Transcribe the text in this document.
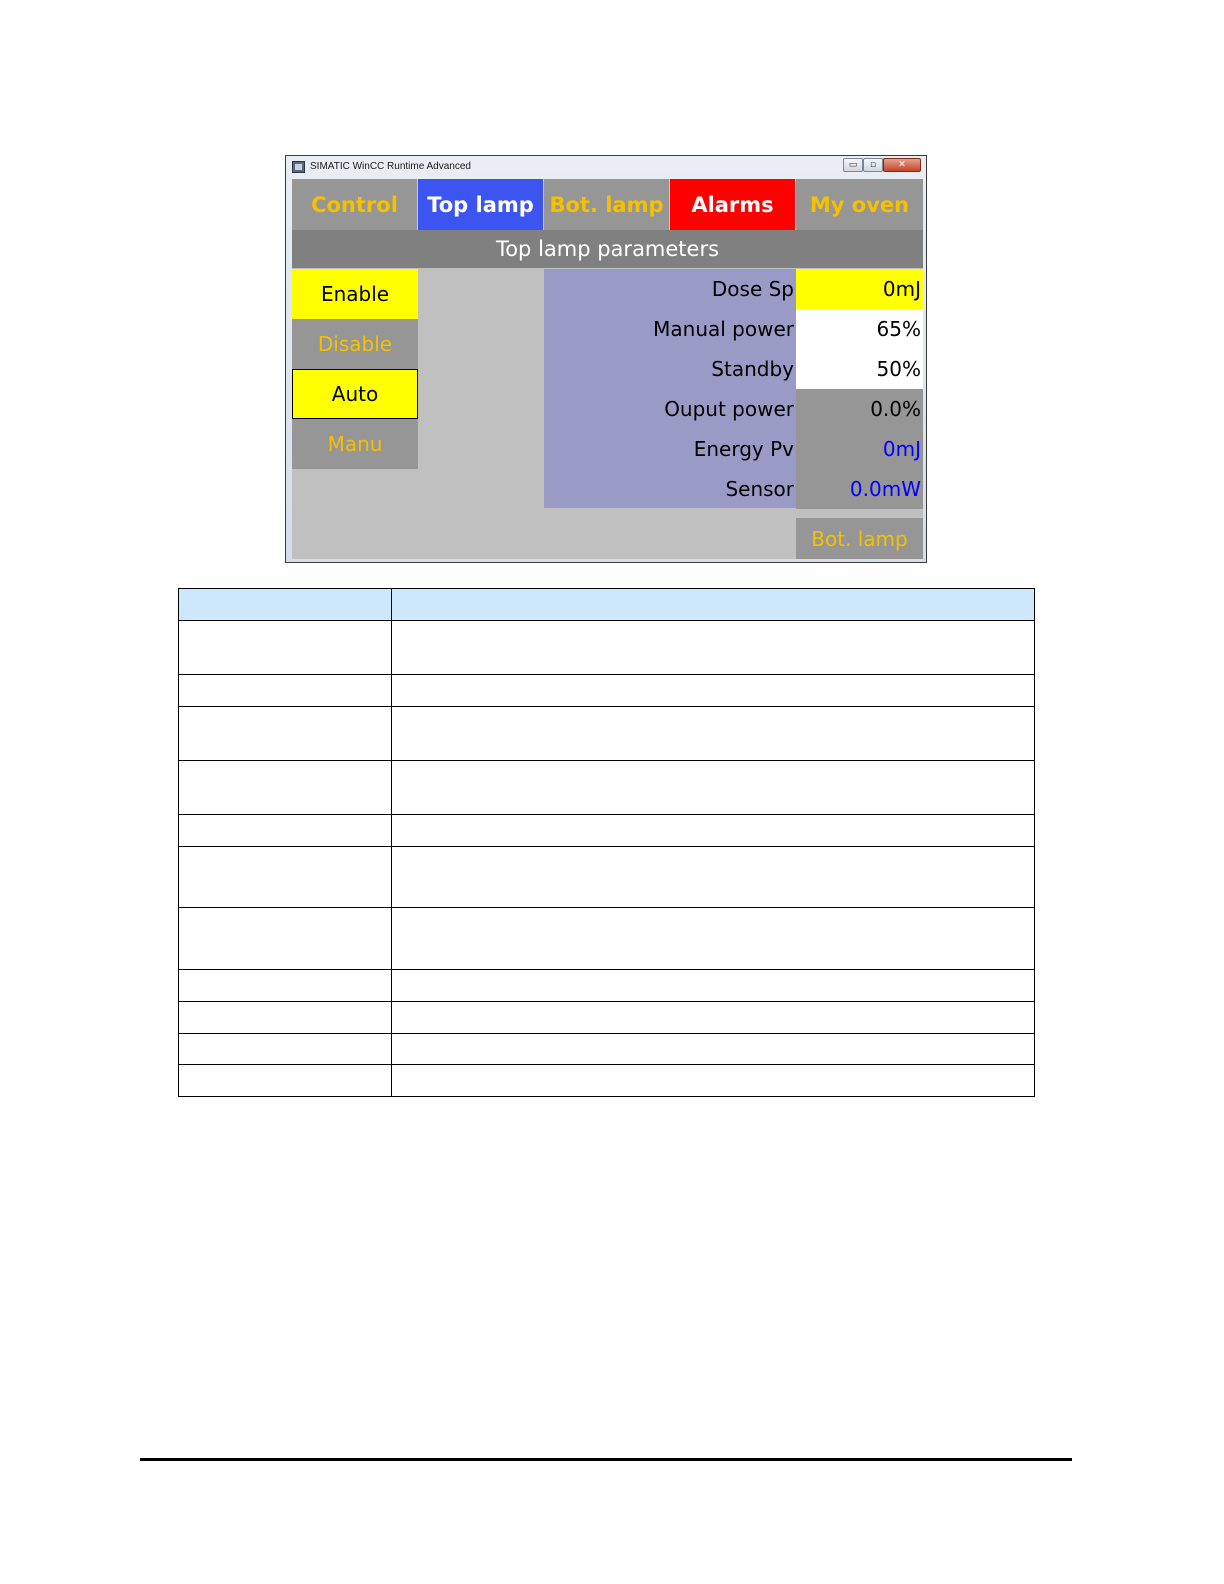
SIMATIC WinCC Runtime Advanced	▭	▫	✕
Control	Top lamp Bot. lamp	Alarms	My oven
Top lamp parameters
Enable
Disable
Auto
Manu
Dose Sp	0mJ
Manual power	65%
Standby	50%
Ouput power	0.0%
Energy Pv	0mJ
Sensor	0.0mW
Bot. lamp
